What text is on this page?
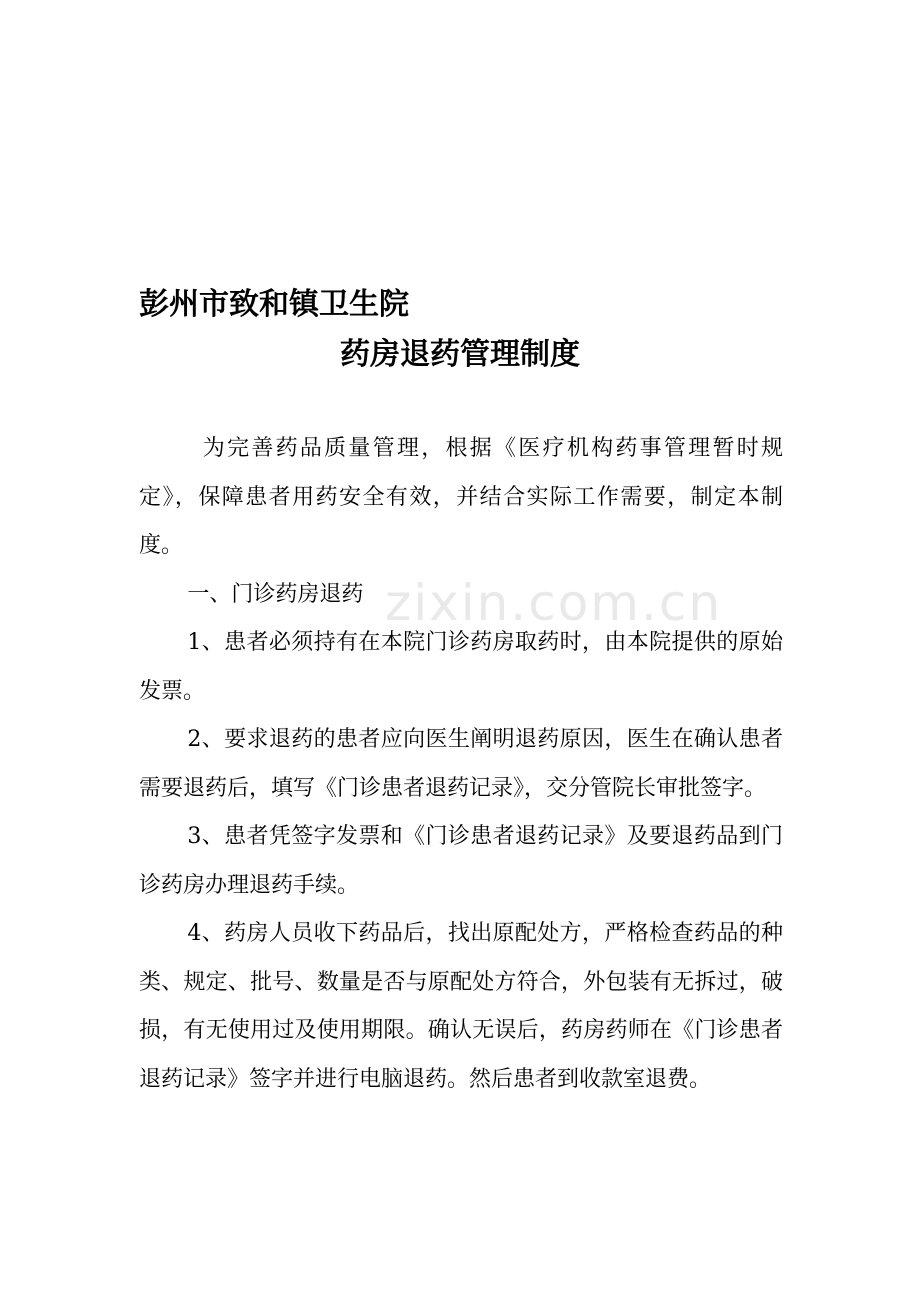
zixin.com.cn
彭州市致和镇卫生院
药房退药管理制度

为完善药品质量管理，根据《医疗机构药事管理暂时规定》，保障患者用药安全有效，并结合实际工作需要，制定本制度。

一、门诊药房退药

1、患者必须持有在本院门诊药房取药时，由本院提供的原始发票。

2、要求退药的患者应向医生阐明退药原因，医生在确认患者需要退药后，填写《门诊患者退药记录》，交分管院长审批签字。

3、患者凭签字发票和《门诊患者退药记录》及要退药品到门诊药房办理退药手续。

4、药房人员收下药品后，找出原配处方，严格检查药品的种类、规定、批号、数量是否与原配处方符合，外包装有无拆过，破损，有无使用过及使用期限。确认无误后，药房药师在《门诊患者退药记录》签字并进行电脑退药。然后患者到收款室退费。
